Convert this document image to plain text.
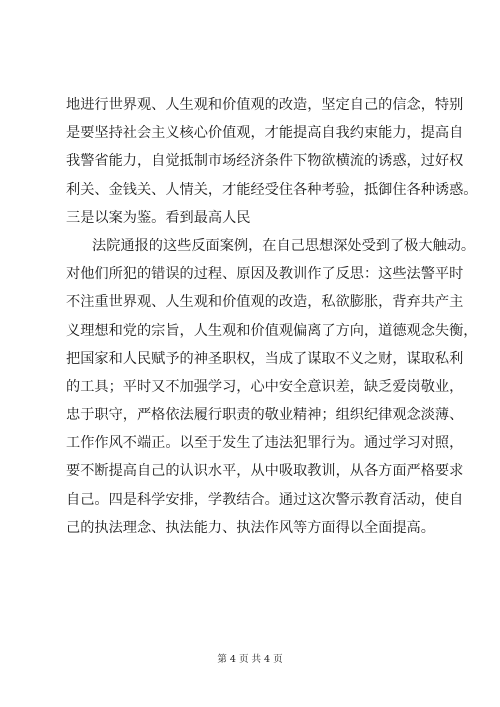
地进行世界观、人生观和价值观的改造，坚定自己的信念，特别
是要坚持社会主义核心价值观，才能提高自我约束能力，提高自
我警省能力，自觉抵制市场经济条件下物欲横流的诱惑，过好权
利关、金钱关、人情关，才能经受住各种考验，抵御住各种诱惑。
三是以案为鉴。看到最高人民
法院通报的这些反面案例，在自己思想深处受到了极大触动。
对他们所犯的错误的过程、原因及教训作了反思：这些法警平时
不注重世界观、人生观和价值观的改造，私欲膨胀，背弃共产主
义理想和党的宗旨，人生观和价值观偏离了方向，道德观念失衡，
把国家和人民赋予的神圣职权，当成了谋取不义之财，谋取私利
的工具；平时又不加强学习，心中安全意识差，缺乏爱岗敬业，
忠于职守，严格依法履行职责的敬业精神；组织纪律观念淡薄、
工作作风不端正。以至于发生了违法犯罪行为。通过学习对照，
要不断提高自己的认识水平，从中吸取教训，从各方面严格要求
自己。四是科学安排，学教结合。通过这次警示教育活动，使自
己的执法理念、执法能力、执法作风等方面得以全面提高。
第 4 页 共 4 页
